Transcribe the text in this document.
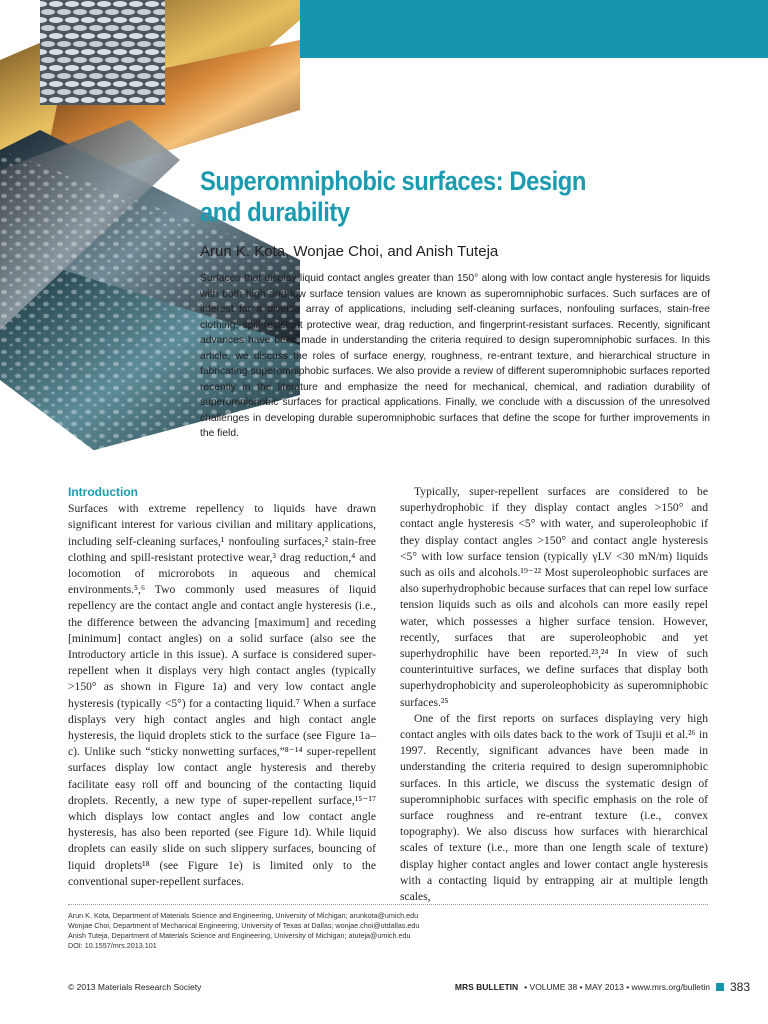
Superomniphobic surfaces: Design and durability

Arun K. Kota, Wonjae Choi, and Anish Tuteja

Surfaces that display liquid contact angles greater than 150° along with low contact angle hysteresis for liquids with both high and low surface tension values are known as superomniphobic surfaces. Such surfaces are of interest for a diverse array of applications, including self-cleaning surfaces, nonfouling surfaces, stain-free clothing, spill-resistant protective wear, drag reduction, and fingerprint-resistant surfaces. Recently, significant advances have been made in understanding the criteria required to design superomniphobic surfaces. In this article, we discuss the roles of surface energy, roughness, re-entrant texture, and hierarchical structure in fabricating superomniphobic surfaces. We also provide a review of different superomniphobic surfaces reported recently in the literature and emphasize the need for mechanical, chemical, and radiation durability of superomniphobic surfaces for practical applications. Finally, we conclude with a discussion of the unresolved challenges in developing durable superomniphobic surfaces that define the scope for further improvements in the field.

Introduction

Surfaces with extreme repellency to liquids have drawn significant interest for various civilian and military applications, including self-cleaning surfaces,¹ nonfouling surfaces,² stain-free clothing and spill-resistant protective wear,³ drag reduction,⁴ and locomotion of microrobots in aqueous and chemical environments.⁵,⁶ Two commonly used measures of liquid repellency are the contact angle and contact angle hysteresis (i.e., the difference between the advancing [maximum] and receding [minimum] contact angles) on a solid surface (also see the Introductory article in this issue). A surface is considered super-repellent when it displays very high contact angles (typically >150° as shown in Figure 1a) and very low contact angle hysteresis (typically <5°) for a contacting liquid.⁷ When a surface displays very high contact angles and high contact angle hysteresis, the liquid droplets stick to the surface (see Figure 1a–c). Unlike such “sticky nonwetting surfaces,”⁸⁻¹⁴ super-repellent surfaces display low contact angle hysteresis and thereby facilitate easy roll off and bouncing of the contacting liquid droplets. Recently, a new type of super-repellent surface,¹⁵⁻¹⁷ which displays low contact angles and low contact angle hysteresis, has also been reported (see Figure 1d). While liquid droplets can easily slide on such slippery surfaces, bouncing of liquid droplets¹⁸ (see Figure 1e) is limited only to the conventional super-repellent surfaces.

Typically, super-repellent surfaces are considered to be superhydrophobic if they display contact angles >150° and contact angle hysteresis <5° with water, and superoleophobic if they display contact angles >150° and contact angle hysteresis <5° with low surface tension (typically γLV <30 mN/m) liquids such as oils and alcohols.¹⁹⁻²² Most superoleophobic surfaces are also superhydrophobic because surfaces that can repel low surface tension liquids such as oils and alcohols can more easily repel water, which possesses a higher surface tension. However, recently, surfaces that are superoleophobic and yet superhydrophilic have been reported.²³,²⁴ In view of such counterintuitive surfaces, we define surfaces that display both superhydrophobicity and superoleophobicity as superomniphobic surfaces.²⁵

One of the first reports on surfaces displaying very high contact angles with oils dates back to the work of Tsujii et al.²⁶ in 1997. Recently, significant advances have been made in understanding the criteria required to design superomniphobic surfaces. In this article, we discuss the systematic design of superomniphobic surfaces with specific emphasis on the role of surface roughness and re-entrant texture (i.e., convex topography). We also discuss how surfaces with hierarchical scales of texture (i.e., more than one length scale of texture) display higher contact angles and lower contact angle hysteresis with a contacting liquid by entrapping air at multiple length scales,

Arun K. Kota, Department of Materials Science and Engineering, University of Michigan; arunkota@umich.edu
Wonjae Choi, Department of Mechanical Engineering, University of Texas at Dallas; wonjae.choi@utdallas.edu
Anish Tuteja, Department of Materials Science and Engineering, University of Michigan; atuteja@umich.edu
DOI: 10.1557/mrs.2013.101
© 2013 Materials Research Society	MRS BULLETIN • VOLUME 38 • MAY 2013 • www.mrs.org/bulletin 383
